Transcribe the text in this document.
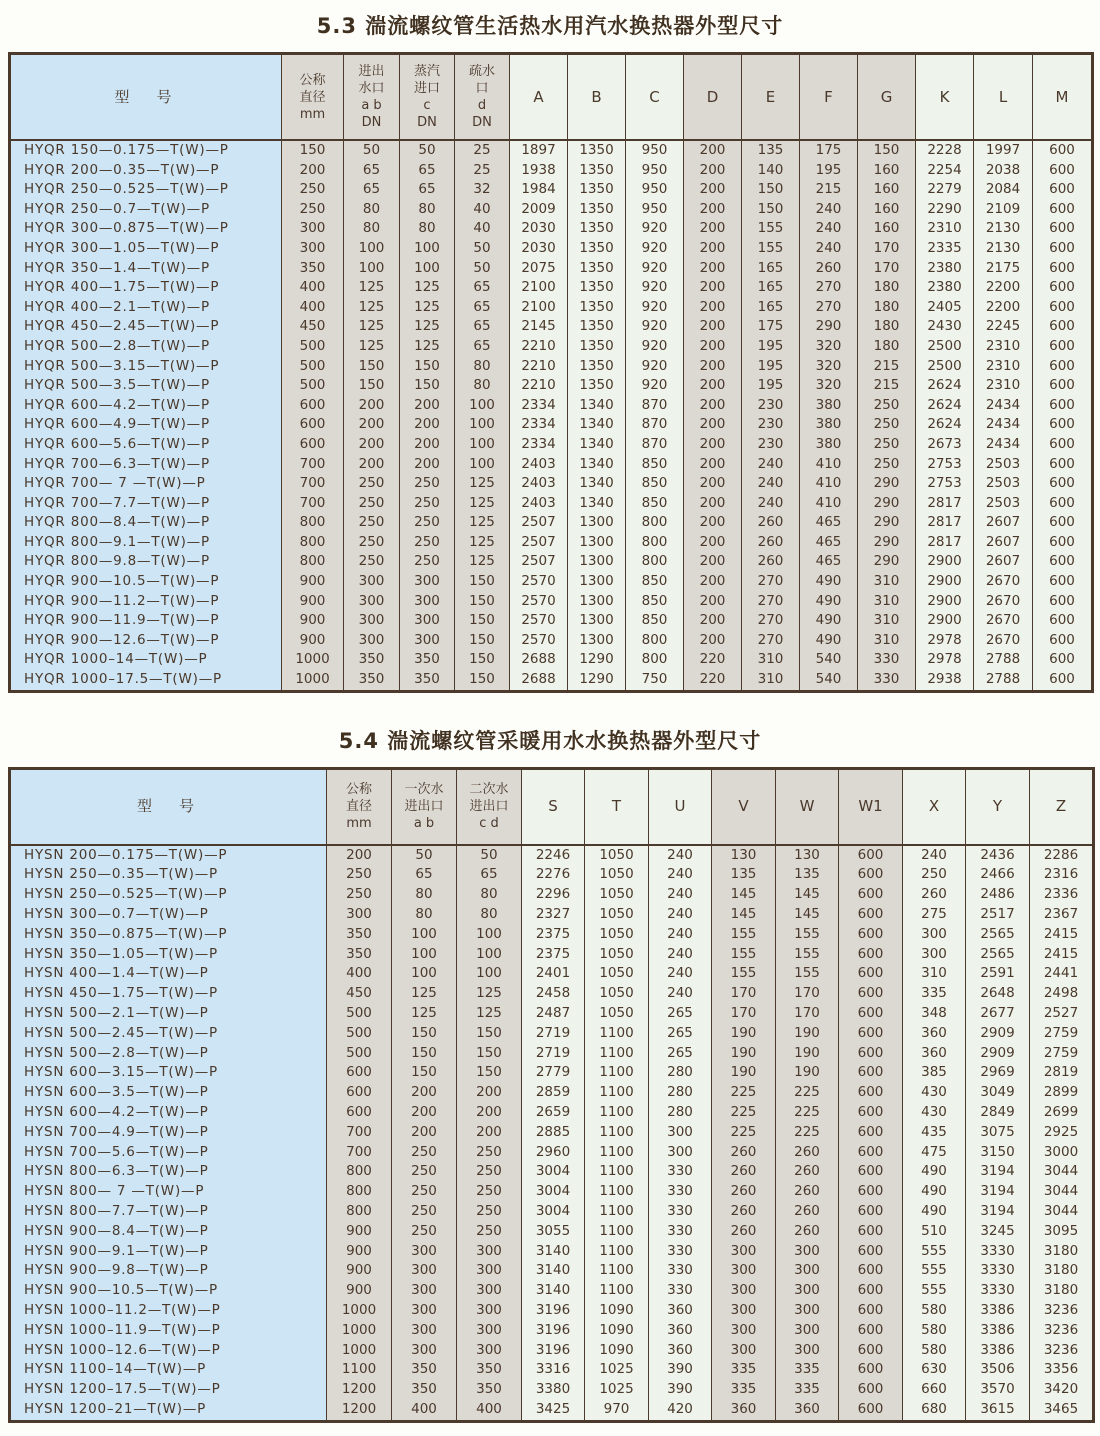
5.3 湍流螺纹管生活热水用汽水换热器外型尺寸
型　号	公称
直径
mm	进出
水口
a b
DN	蒸汽
进口
c
DN	疏水
口
d
DN	A	B	C	D	E	F	G	K	L	M
HYQR 150—0.175—T(W)—P	150	50	50	25	1897	1350	950	200	135	175	150	2228	1997	600
HYQR 200—0.35—T(W)—P	200	65	65	25	1938	1350	950	200	140	195	160	2254	2038	600
HYQR 250—0.525—T(W)—P	250	65	65	32	1984	1350	950	200	150	215	160	2279	2084	600
HYQR 250—0.7—T(W)—P	250	80	80	40	2009	1350	950	200	150	240	160	2290	2109	600
HYQR 300—0.875—T(W)—P	300	80	80	40	2030	1350	920	200	155	240	160	2310	2130	600
HYQR 300—1.05—T(W)—P	300	100	100	50	2030	1350	920	200	155	240	170	2335	2130	600
HYQR 350—1.4—T(W)—P	350	100	100	50	2075	1350	920	200	165	260	170	2380	2175	600
HYQR 400—1.75—T(W)—P	400	125	125	65	2100	1350	920	200	165	270	180	2380	2200	600
HYQR 400—2.1—T(W)—P	400	125	125	65	2100	1350	920	200	165	270	180	2405	2200	600
HYQR 450—2.45—T(W)—P	450	125	125	65	2145	1350	920	200	175	290	180	2430	2245	600
HYQR 500—2.8—T(W)—P	500	125	125	65	2210	1350	920	200	195	320	180	2500	2310	600
HYQR 500—3.15—T(W)—P	500	150	150	80	2210	1350	920	200	195	320	215	2500	2310	600
HYQR 500—3.5—T(W)—P	500	150	150	80	2210	1350	920	200	195	320	215	2624	2310	600
HYQR 600—4.2—T(W)—P	600	200	200	100	2334	1340	870	200	230	380	250	2624	2434	600
HYQR 600—4.9—T(W)—P	600	200	200	100	2334	1340	870	200	230	380	250	2624	2434	600
HYQR 600—5.6—T(W)—P	600	200	200	100	2334	1340	870	200	230	380	250	2673	2434	600
HYQR 700—6.3—T(W)—P	700	200	200	100	2403	1340	850	200	240	410	250	2753	2503	600
HYQR 700— 7 —T(W)—P	700	250	250	125	2403	1340	850	200	240	410	290	2753	2503	600
HYQR 700—7.7—T(W)—P	700	250	250	125	2403	1340	850	200	240	410	290	2817	2503	600
HYQR 800—8.4—T(W)—P	800	250	250	125	2507	1300	800	200	260	465	290	2817	2607	600
HYQR 800—9.1—T(W)—P	800	250	250	125	2507	1300	800	200	260	465	290	2817	2607	600
HYQR 800—9.8—T(W)—P	800	250	250	125	2507	1300	800	200	260	465	290	2900	2607	600
HYQR 900—10.5—T(W)—P	900	300	300	150	2570	1300	850	200	270	490	310	2900	2670	600
HYQR 900—11.2—T(W)—P	900	300	300	150	2570	1300	850	200	270	490	310	2900	2670	600
HYQR 900—11.9—T(W)—P	900	300	300	150	2570	1300	850	200	270	490	310	2900	2670	600
HYQR 900—12.6—T(W)—P	900	300	300	150	2570	1300	800	200	270	490	310	2978	2670	600
HYQR 1000–14—T(W)—P	1000	350	350	150	2688	1290	800	220	310	540	330	2978	2788	600
HYQR 1000–17.5—T(W)—P	1000	350	350	150	2688	1290	750	220	310	540	330	2938	2788	600
5.4 湍流螺纹管采暖用水水换热器外型尺寸
型　号	公称
直径
mm	一次水
进出口
a b	二次水
进出口
c d	S	T	U	V	W	W1	X	Y	Z
HYSN 200—0.175—T(W)—P	200	50	50	2246	1050	240	130	130	600	240	2436	2286
HYSN 250—0.35—T(W)—P	250	65	65	2276	1050	240	135	135	600	250	2466	2316
HYSN 250—0.525—T(W)—P	250	80	80	2296	1050	240	145	145	600	260	2486	2336
HYSN 300—0.7—T(W)—P	300	80	80	2327	1050	240	145	145	600	275	2517	2367
HYSN 350—0.875—T(W)—P	350	100	100	2375	1050	240	155	155	600	300	2565	2415
HYSN 350—1.05—T(W)—P	350	100	100	2375	1050	240	155	155	600	300	2565	2415
HYSN 400—1.4—T(W)—P	400	100	100	2401	1050	240	155	155	600	310	2591	2441
HYSN 450—1.75—T(W)—P	450	125	125	2458	1050	240	170	170	600	335	2648	2498
HYSN 500—2.1—T(W)—P	500	125	125	2487	1050	265	170	170	600	348	2677	2527
HYSN 500—2.45—T(W)—P	500	150	150	2719	1100	265	190	190	600	360	2909	2759
HYSN 500—2.8—T(W)—P	500	150	150	2719	1100	265	190	190	600	360	2909	2759
HYSN 600—3.15—T(W)—P	600	150	150	2779	1100	280	190	190	600	385	2969	2819
HYSN 600—3.5—T(W)—P	600	200	200	2859	1100	280	225	225	600	430	3049	2899
HYSN 600—4.2—T(W)—P	600	200	200	2659	1100	280	225	225	600	430	2849	2699
HYSN 700—4.9—T(W)—P	700	200	200	2885	1100	300	225	225	600	435	3075	2925
HYSN 700—5.6—T(W)—P	700	250	250	2960	1100	300	260	260	600	475	3150	3000
HYSN 800—6.3—T(W)—P	800	250	250	3004	1100	330	260	260	600	490	3194	3044
HYSN 800— 7 —T(W)—P	800	250	250	3004	1100	330	260	260	600	490	3194	3044
HYSN 800—7.7—T(W)—P	800	250	250	3004	1100	330	260	260	600	490	3194	3044
HYSN 900—8.4—T(W)—P	900	250	250	3055	1100	330	260	260	600	510	3245	3095
HYSN 900—9.1—T(W)—P	900	300	300	3140	1100	330	300	300	600	555	3330	3180
HYSN 900—9.8—T(W)—P	900	300	300	3140	1100	330	300	300	600	555	3330	3180
HYSN 900—10.5—T(W)—P	900	300	300	3140	1100	330	300	300	600	555	3330	3180
HYSN 1000–11.2—T(W)—P	1000	300	300	3196	1090	360	300	300	600	580	3386	3236
HYSN 1000–11.9—T(W)—P	1000	300	300	3196	1090	360	300	300	600	580	3386	3236
HYSN 1000–12.6—T(W)—P	1000	300	300	3196	1090	360	300	300	600	580	3386	3236
HYSN 1100–14—T(W)—P	1100	350	350	3316	1025	390	335	335	600	630	3506	3356
HYSN 1200–17.5—T(W)—P	1200	350	350	3380	1025	390	335	335	600	660	3570	3420
HYSN 1200–21—T(W)—P	1200	400	400	3425	970	420	360	360	600	680	3615	3465
